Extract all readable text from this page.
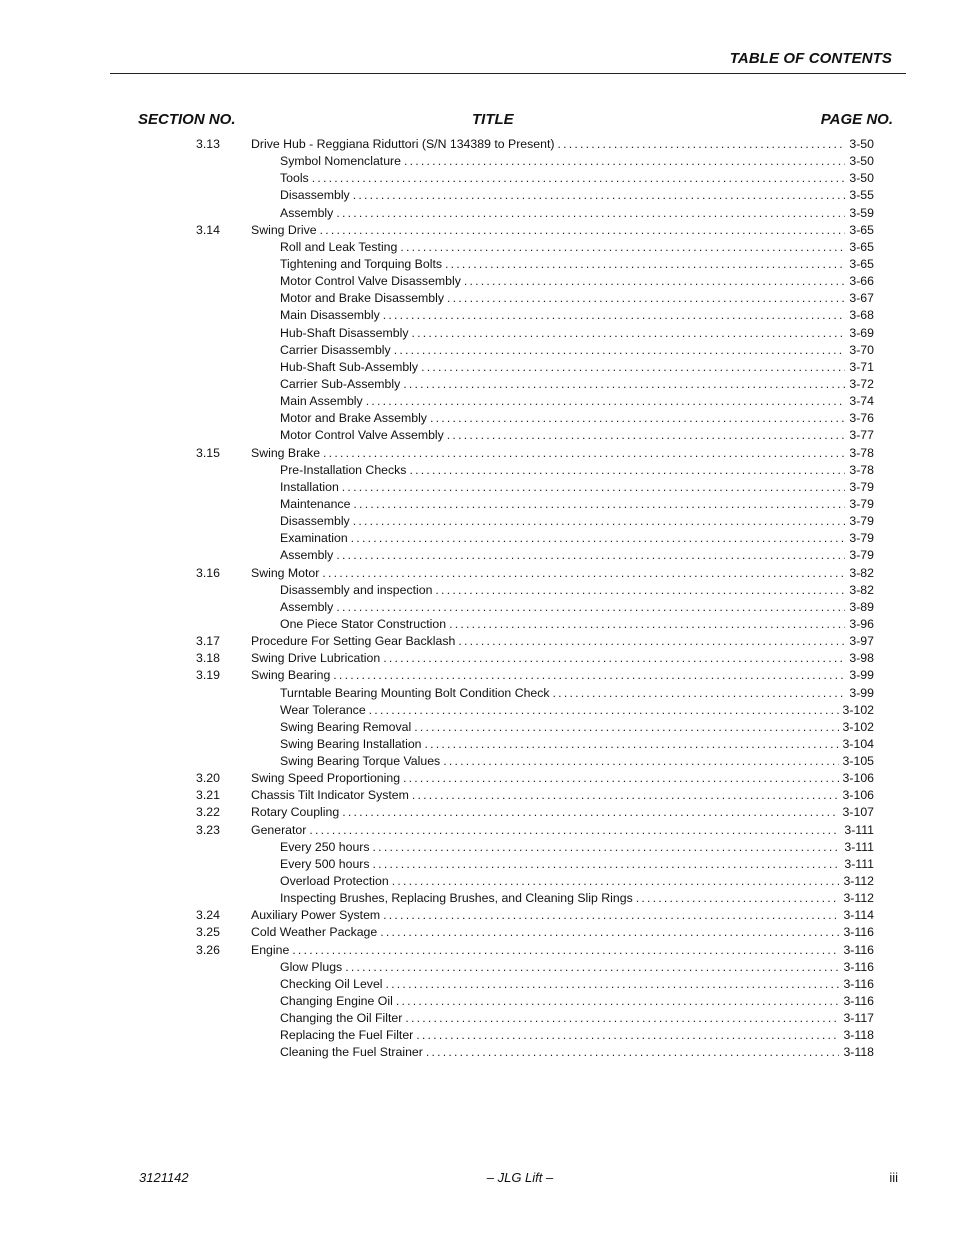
TABLE OF CONTENTS
SECTION NO.	TITLE	PAGE NO.
3.13	Drive Hub - Reggiana Riduttori (S/N 134389 to Present) . . .	3-50
Symbol Nomenclature . . .	3-50
Tools . . .	3-50
Disassembly . . .	3-55
Assembly . . .	3-59
3.14	Swing Drive . . .	3-65
Roll and Leak Testing . . .	3-65
Tightening and Torquing Bolts . . .	3-65
Motor Control Valve Disassembly . . .	3-66
Motor and Brake Disassembly . . .	3-67
Main Disassembly . . .	3-68
Hub-Shaft Disassembly . . .	3-69
Carrier Disassembly . . .	3-70
Hub-Shaft Sub-Assembly . . .	3-71
Carrier Sub-Assembly . . .	3-72
Main Assembly . . .	3-74
Motor and Brake Assembly . . .	3-76
Motor Control Valve Assembly . . .	3-77
3.15	Swing Brake . . .	3-78
Pre-Installation Checks . . .	3-78
Installation . . .	3-79
Maintenance . . .	3-79
Disassembly . . .	3-79
Examination . . .	3-79
Assembly . . .	3-79
3.16	Swing Motor . . .	3-82
Disassembly and inspection . . .	3-82
Assembly . . .	3-89
One Piece Stator Construction . . .	3-96
3.17	Procedure For Setting Gear Backlash . . .	3-97
3.18	Swing Drive Lubrication . . .	3-98
3.19	Swing Bearing . . .	3-99
Turntable Bearing Mounting Bolt Condition Check . . .	3-99
Wear Tolerance . . .	3-102
Swing Bearing Removal . . .	3-102
Swing Bearing Installation . . .	3-104
Swing Bearing Torque Values . . .	3-105
3.20	Swing Speed Proportioning . . .	3-106
3.21	Chassis Tilt Indicator System . . .	3-106
3.22	Rotary Coupling . . .	3-107
3.23	Generator . . .	3-111
Every 250 hours . . .	3-111
Every 500 hours . . .	3-111
Overload Protection . . .	3-112
Inspecting Brushes, Replacing Brushes, and Cleaning Slip Rings . . .	3-112
3.24	Auxiliary Power System . . .	3-114
3.25	Cold Weather Package . . .	3-116
3.26	Engine . . .	3-116
Glow Plugs . . .	3-116
Checking Oil Level . . .	3-116
Changing Engine Oil . . .	3-116
Changing the Oil Filter . . .	3-117
Replacing the Fuel Filter . . .	3-118
Cleaning the Fuel Strainer . . .	3-118
3121142	– JLG Lift –	iii
